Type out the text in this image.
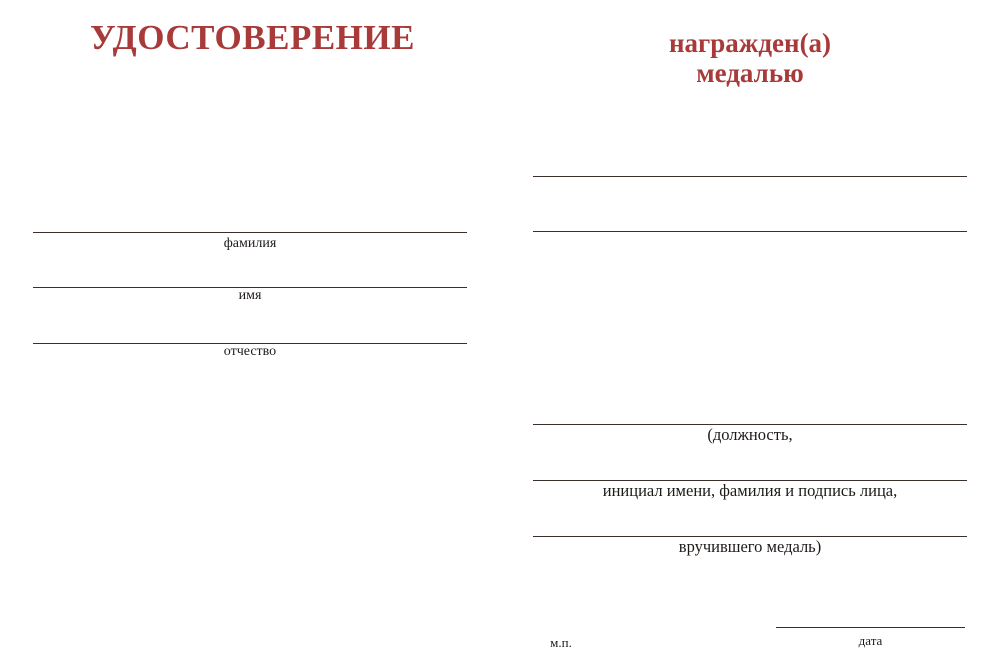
УДОСТОВЕРЕНИЕ
фамилия
имя
отчество
награжден(а)
медалью
(должность,
инициал имени, фамилия и подпись лица,
вручившего медаль)
м.п.	дата
